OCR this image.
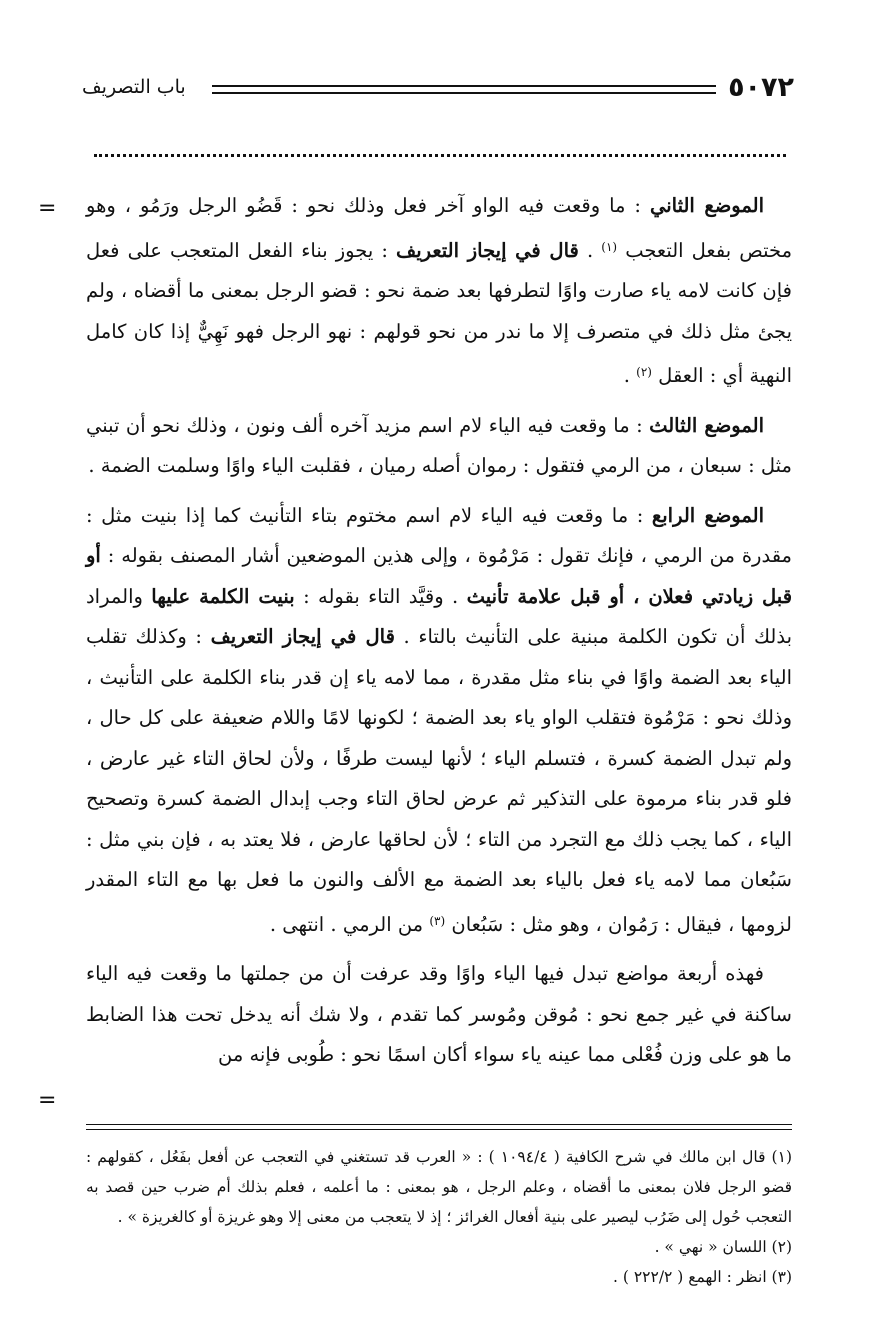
٥٠٧٢
باب التصريف
=
=

الموضع الثاني : ما وقعت فيه الواو آخر فعل وذلك نحو : قَضُو الرجل ورَمُو ، وهو مختص بفعل التعجب $^{(١)}$ . قال في إيجاز التعريف : يجوز بناء الفعل المتعجب على فعل فإن كانت لامه ياء صارت واوًا لتطرفها بعد ضمة نحو : قضو الرجل بمعنى ما أقضاه ، ولم يجئ مثل ذلك في متصرف إلا ما ندر من نحو قولهم : نهو الرجل فهو نَهِيٌّ إذا كان كامل النهية أي : العقل $^{(٢)}$ .

الموضع الثالث : ما وقعت فيه الياء لام اسم مزيد آخره ألف ونون ، وذلك نحو أن تبني مثل : سبعان ، من الرمي فتقول : رموان أصله رميان ، فقلبت الياء واوًا وسلمت الضمة .

الموضع الرابع : ما وقعت فيه الياء لام اسم مختوم بتاء التأنيث كما إذا بنيت مثل : مقدرة من الرمي ، فإنك تقول : مَرْمُوة ، وإلى هذين الموضعين أشار المصنف بقوله : أو قبل زيادتي فعلان ، أو قبل علامة تأنيث . وقيَّد التاء بقوله : بنيت الكلمة عليها والمراد بذلك أن تكون الكلمة مبنية على التأنيث بالتاء . قال في إيجاز التعريف : وكذلك تقلب الياء بعد الضمة واوًا في بناء مثل مقدرة ، مما لامه ياء إن قدر بناء الكلمة على التأنيث ، وذلك نحو : مَرْمُوة فتقلب الواو ياء بعد الضمة ؛ لكونها لامًا واللام ضعيفة على كل حال ، ولم تبدل الضمة كسرة ، فتسلم الياء ؛ لأنها ليست طرفًا ، ولأن لحاق التاء غير عارض ، فلو قدر بناء مرموة على التذكير ثم عرض لحاق التاء وجب إبدال الضمة كسرة وتصحيح الياء ، كما يجب ذلك مع التجرد من التاء ؛ لأن لحاقها عارض ، فلا يعتد به ، فإن بني مثل : سَبُعان مما لامه ياء فعل بالياء بعد الضمة مع الألف والنون ما فعل بها مع التاء المقدر لزومها ، فيقال : رَمُوان ، وهو مثل : سَبُعان $^{(٣)}$ من الرمي . انتهى .

فهذه أربعة مواضع تبدل فيها الياء واوًا وقد عرفت أن من جملتها ما وقعت فيه الياء ساكنة في غير جمع نحو : مُوقن ومُوسر كما تقدم ، ولا شك أنه يدخل تحت هذا الضابط ما هو على وزن فُعْلى مما عينه ياء سواء أكان اسمًا نحو : طُوبى فإنه من

(١) قال ابن مالك في شرح الكافية ( ١٠٩٤/٤ ) : « العرب قد تستغني في التعجب عن أفعل بفَعُل ، كقولهم : قضو الرجل فلان بمعنى ما أقضاه ، وعلم الرجل ، هو بمعنى : ما أعلمه ، فعلم بذلك أم ضرب حين قصد به التعجب حُول إلى ضَرُب ليصير على بنية أفعال الغرائز ؛ إذ لا يتعجب من معنى إلا وهو غريزة أو كالغريزة » .

(٢) اللسان « نهي » .

(٣) انظر : الهمع ( ٢٢٢/٢ ) .
